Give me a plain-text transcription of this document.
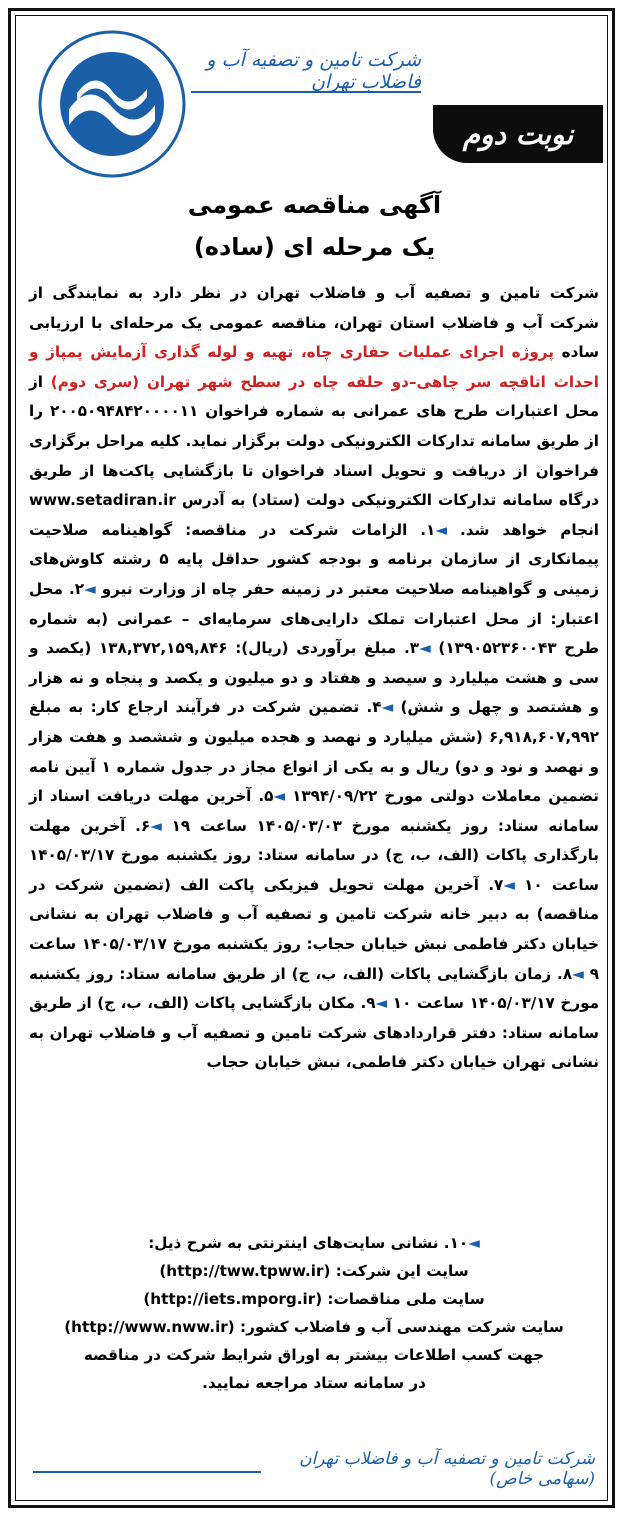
شرکت تامین و تصفیه آب و فاضلاب تهران
نوبت دوم
آگهی مناقصه عمومی
یک مرحله ای (ساده)

شرکت تامین و تصفیه آب و فاضلاب تهران در نظر دارد به نمایندگی از شرکت آب و فاضلاب استان تهران، مناقصه عمومی یک مرحله‌ای با ارزیابی ساده پروژه اجرای عملیات حفاری چاه، تهیه و لوله گذاری آزمایش پمپاژ و احداث اتاقچه سر چاهی–دو حلقه چاه در سطح شهر تهران (سری دوم) از محل اعتبارات طرح های عمرانی به شماره فراخوان ۲۰۰۵۰۹۴۸۴۲۰۰۰۰۱۱ را از طریق سامانه تدارکات الکترونیکی دولت برگزار نماید. کلیه مراحل برگزاری فراخوان از دریافت و تحویل اسناد فراخوان تا بازگشایی پاکت‌ها از طریق درگاه سامانه تدارکات الکترونیکی دولت (ستاد) به آدرس www.setadiran.ir انجام خواهد شد. ◄۱. الزامات شرکت در مناقصه: گواهینامه صلاحیت پیمانکاری از سازمان برنامه و بودجه کشور حداقل پایه ۵ رشته کاوش‌های زمینی و گواهینامه صلاحیت معتبر در زمینه حفر چاه از وزارت نیرو ◄۲. محل اعتبار: از محل اعتبارات تملک دارایی‌های سرمایه‌ای – عمرانی (به شماره طرح ۱۳۹۰۵۲۳۶۰۰۴۳) ◄۳. مبلغ برآوردی (ریال): ۱۳۸,۳۷۲,۱۵۹,۸۴۶ (یکصد و سی و هشت میلیارد و سیصد و هفتاد و دو میلیون و یکصد و پنجاه و نه هزار و هشتصد و چهل و شش) ◄۴. تضمین شرکت در فرآیند ارجاع کار: به مبلغ ۶,۹۱۸,۶۰۷,۹۹۲ (شش میلیارد و نهصد و هجده میلیون و ششصد و هفت هزار و نهصد و نود و دو) ریال و به یکی از انواع مجاز در جدول شماره ۱ آیین نامه تضمین معاملات دولتی مورخ ۱۳۹۴/۰۹/۲۲ ◄۵. آخرین مهلت دریافت اسناد از سامانه ستاد: روز یکشنبه مورخ ۱۴۰۵/۰۳/۰۳ ساعت ۱۹ ◄۶. آخرین مهلت بارگذاری پاکات (الف، ب، ج) در سامانه ستاد: روز یکشنبه مورخ ۱۴۰۵/۰۳/۱۷ ساعت ۱۰ ◄۷. آخرین مهلت تحویل فیزیکی پاکت الف (تضمین شرکت در مناقصه) به دبیر خانه شرکت تامین و تصفیه آب و فاضلاب تهران به نشانی خیابان دکتر فاطمی نبش خیابان حجاب: روز یکشنبه مورخ ۱۴۰۵/۰۳/۱۷ ساعت ۹ ◄۸. زمان بازگشایی پاکات (الف، ب، ج) از طریق سامانه ستاد: روز یکشنبه مورخ ۱۴۰۵/۰۳/۱۷ ساعت ۱۰ ◄۹. مکان بازگشایی پاکات (الف، ب، ج) از طریق سامانه ستاد: دفتر قراردادهای شرکت تامین و تصفیه آب و فاضلاب تهران به نشانی تهران خیابان دکتر فاطمی، نبش خیابان حجاب

◄۱۰. نشانی سایت‌های اینترنتی به شرح ذیل:
سایت این شرکت: (http://tww.tpww.ir)
سایت ملی مناقصات: (http://iets.mporg.ir)
سایت شرکت مهندسی آب و فاضلاب کشور: (http://www.nww.ir)
جهت کسب اطلاعات بیشتر به اوراق شرایط شرکت در مناقصه
در سامانه ستاد مراجعه نمایید.
شرکت تامین و تصفیه آب و فاضلاب تهران (سهامی خاص)
